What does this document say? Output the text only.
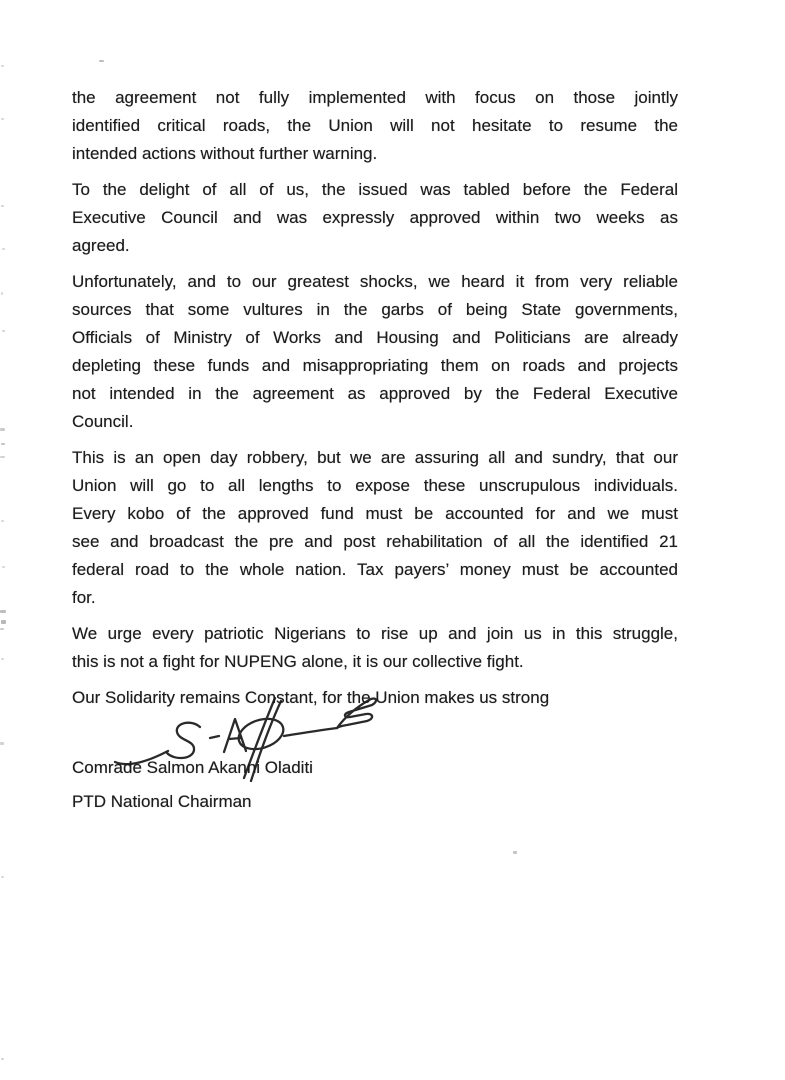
the agreement not fully implemented with focus on those jointly
identified critical roads, the Union will not hesitate to resume the
intended actions without further warning.
To the delight of all of us, the issued was tabled before the Federal
Executive Council and was expressly approved within two weeks as
agreed.
Unfortunately, and to our greatest shocks, we heard it from very reliable
sources that some vultures in the garbs of being State governments,
Officials of Ministry of Works and Housing and Politicians are already
depleting these funds and misappropriating them on roads and projects
not intended in the agreement as approved by the Federal Executive
Council.
This is an open day robbery, but we are assuring all and sundry, that our
Union will go to all lengths to expose these unscrupulous individuals.
Every kobo of the approved fund must be accounted for and we must
see and broadcast the pre and post rehabilitation of all the identified 21
federal road to the whole nation. Tax payers’ money must be accounted
for.
We urge every patriotic Nigerians to rise up and join us in this struggle,
this is not a fight for NUPENG alone, it is our collective fight.
Our Solidarity remains Constant, for the Union makes us strong
Comrade Salmon Akanni Oladiti
PTD National Chairman
